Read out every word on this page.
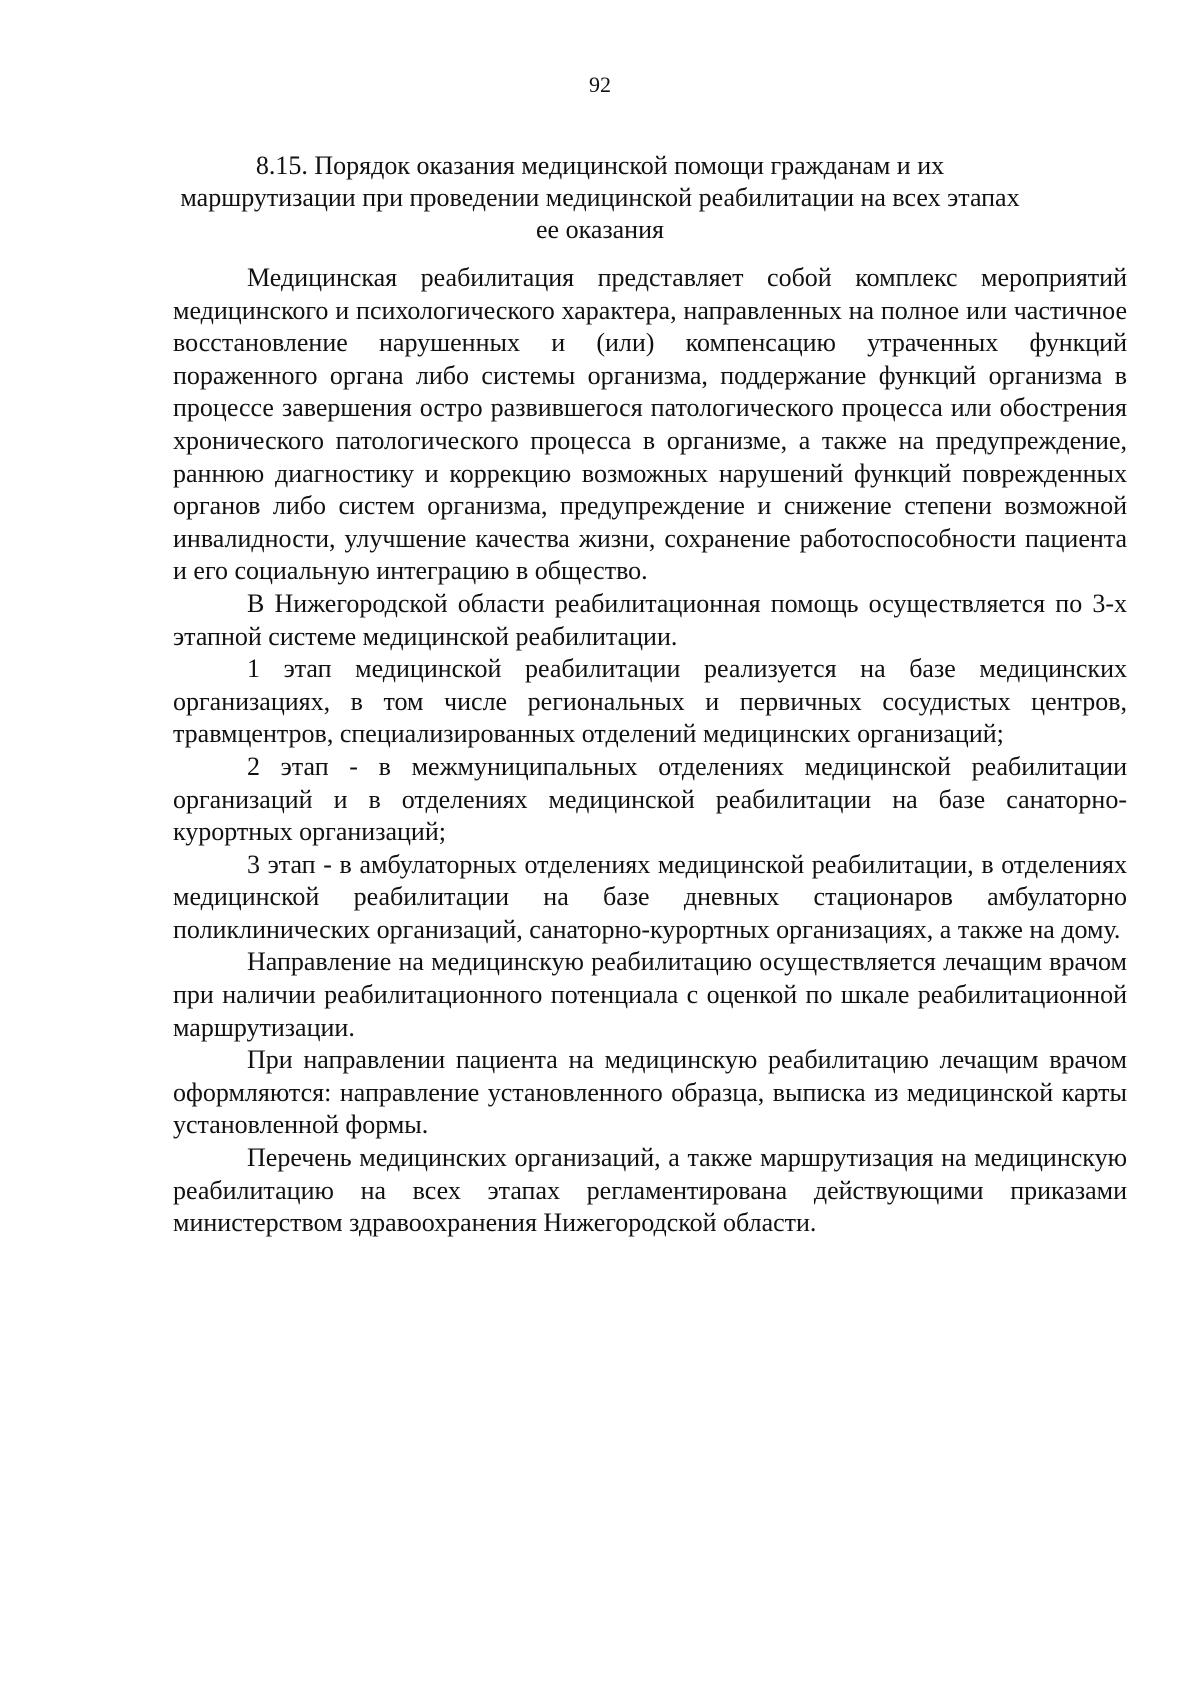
92
8.15. Порядок оказания медицинской помощи гражданам и их
маршрутизации при проведении медицинской реабилитации на всех этапах
ее оказания

Медицинская реабилитация представляет собой комплекс мероприятий медицинского и психологического характера, направленных на полное или частичное восстановление нарушенных и (или) компенсацию утраченных функций пораженного органа либо системы организма, поддержание функций организма в процессе завершения остро развившегося патологического процесса или обострения хронического патологического процесса в организме, а также на предупреждение, раннюю диагностику и коррекцию возможных нарушений функций поврежденных органов либо систем организма, предупреждение и снижение степени возможной инвалидности, улучшение качества жизни, сохранение работоспособности пациента и его социальную интеграцию в общество.

В Нижегородской области реабилитационная помощь осуществляется по 3-х этапной системе медицинской реабилитации.

1 этап медицинской реабилитации реализуется на базе медицинских организациях, в том числе региональных и первичных сосудистых центров, травмцентров, специализированных отделений медицинских организаций;

2 этап - в межмуниципальных отделениях медицинской реабилитации организаций и в отделениях медицинской реабилитации на базе санаторно-курортных организаций;

3 этап - в амбулаторных отделениях медицинской реабилитации, в отделениях медицинской реабилитации на базе дневных стационаров амбулаторно поликлинических организаций, санаторно-курортных организациях, а также на дому.

Направление на медицинскую реабилитацию осуществляется лечащим врачом при наличии реабилитационного потенциала с оценкой по шкале реабилитационной маршрутизации.

При направлении пациента на медицинскую реабилитацию лечащим врачом оформляются: направление установленного образца, выписка из медицинской карты установленной формы.

Перечень медицинских организаций, а также маршрутизация на медицинскую реабилитацию на всех этапах регламентирована действующими приказами министерством здравоохранения Нижегородской области.
